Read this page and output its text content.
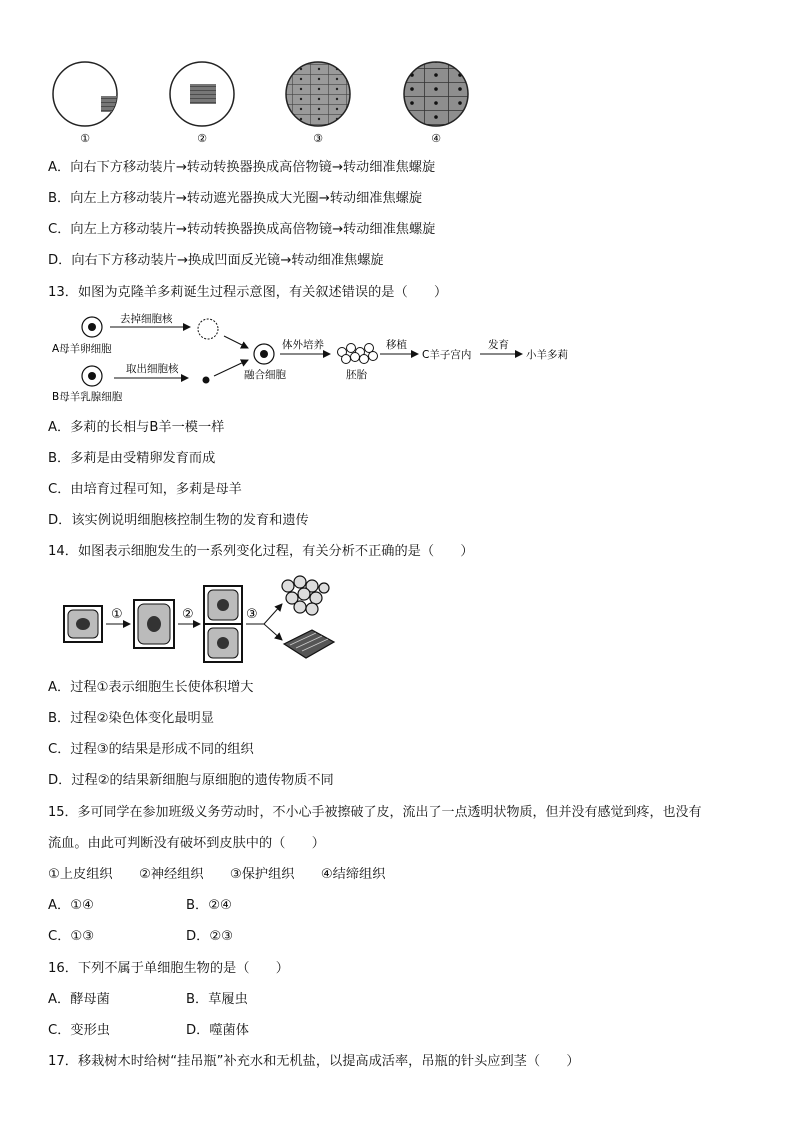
①	②	③	④
A．向右下方移动装片→转动转换器换成高倍物镜→转动细准焦螺旋
B．向左上方移动装片→转动遮光器换成大光圈→转动细准焦螺旋
C．向左上方移动装片→转动转换器换成高倍物镜→转动细准焦螺旋
D．向右下方移动装片→换成凹面反光镜→转动细准焦螺旋
13．如图为克隆羊多莉诞生过程示意图，有关叙述错误的是（　　）
A母羊卵细胞
去掉细胞核
B母羊乳腺细胞
取出细胞核	融合细胞
体外培养
胚胎
移植
C羊子宫内
发育
小羊多莉
A．多莉的长相与B羊一模一样
B．多莉是由受精卵发育而成
C．由培育过程可知，多莉是母羊
D．该实例说明细胞核控制生物的发育和遗传
14．如图表示细胞发生的一系列变化过程，有关分析不正确的是（　　）
①	②	③
A．过程①表示细胞生长使体积增大
B．过程②染色体变化最明显
C．过程③的结果是形成不同的组织
D．过程②的结果新细胞与原细胞的遗传物质不同
15．多可同学在参加班级义务劳动时，不小心手被擦破了皮，流出了一点透明状物质，但并没有感觉到疼，也没有
流血。由此可判断没有破坏到皮肤中的（　　）
①上皮组织　　②神经组织　　③保护组织　　④结缔组织
A．①④	B．②④
C．①③	D．②③
16．下列不属于单细胞生物的是（　　）
A．酵母菌	B．草履虫
C．变形虫	D．噬菌体
17．移栽树木时给树“挂吊瓶”补充水和无机盐，以提高成活率，吊瓶的针头应到茎（　　）
